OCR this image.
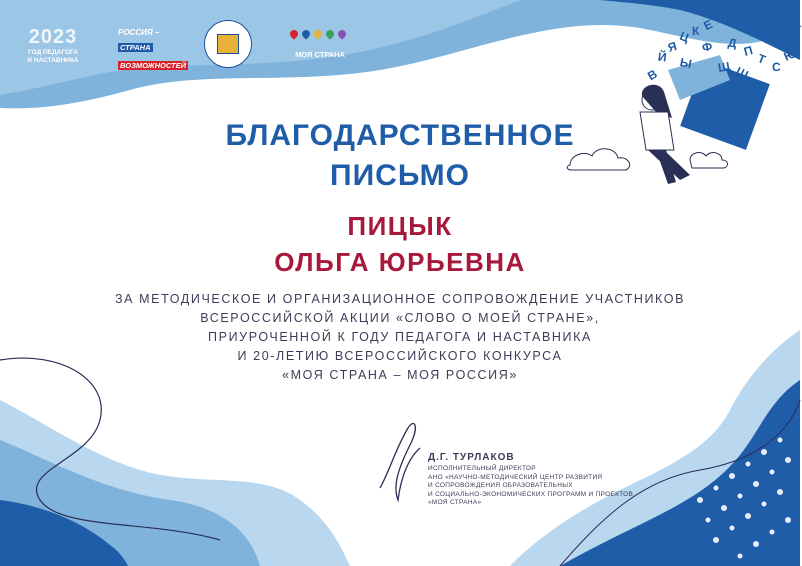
2023
ГОД ПЕДАГОГА
И НАСТАВНИКА
РОССИЯ –
СТРАНА ВОЗМОЖНОСТЕЙ
МОЯ СТРАНА
В
Й
Я
Ц К Е
Ы
Ф
Р О М И
Н А
Д
П
Т
С
Ю
Ж
Щ Ш
БЛАГОДАРСТВЕННОЕ
ПИСЬМО
ПИЦЫК
ОЛЬГА ЮРЬЕВНА
ЗА МЕТОДИЧЕСКОЕ И ОРГАНИЗАЦИОННОЕ СОПРОВОЖДЕНИЕ УЧАСТНИКОВ
ВСЕРОССИЙСКОЙ АКЦИИ «СЛОВО О МОЕЙ СТРАНЕ»,
ПРИУРОЧЕННОЙ К ГОДУ ПЕДАГОГА И НАСТАВНИКА
И 20-ЛЕТИЮ ВСЕРОССИЙСКОГО КОНКУРСА
«МОЯ СТРАНА – МОЯ РОССИЯ»
Д.Г. ТУРЛАКОВ
ИСПОЛНИТЕЛЬНЫЙ ДИРЕКТОР
АНО «НАУЧНО-МЕТОДИЧЕСКИЙ ЦЕНТР РАЗВИТИЯ
И СОПРОВОЖДЕНИЯ ОБРАЗОВАТЕЛЬНЫХ
И СОЦИАЛЬНО-ЭКОНОМИЧЕСКИХ ПРОГРАММ И ПРОЕКТОВ
«МОЯ СТРАНА»
